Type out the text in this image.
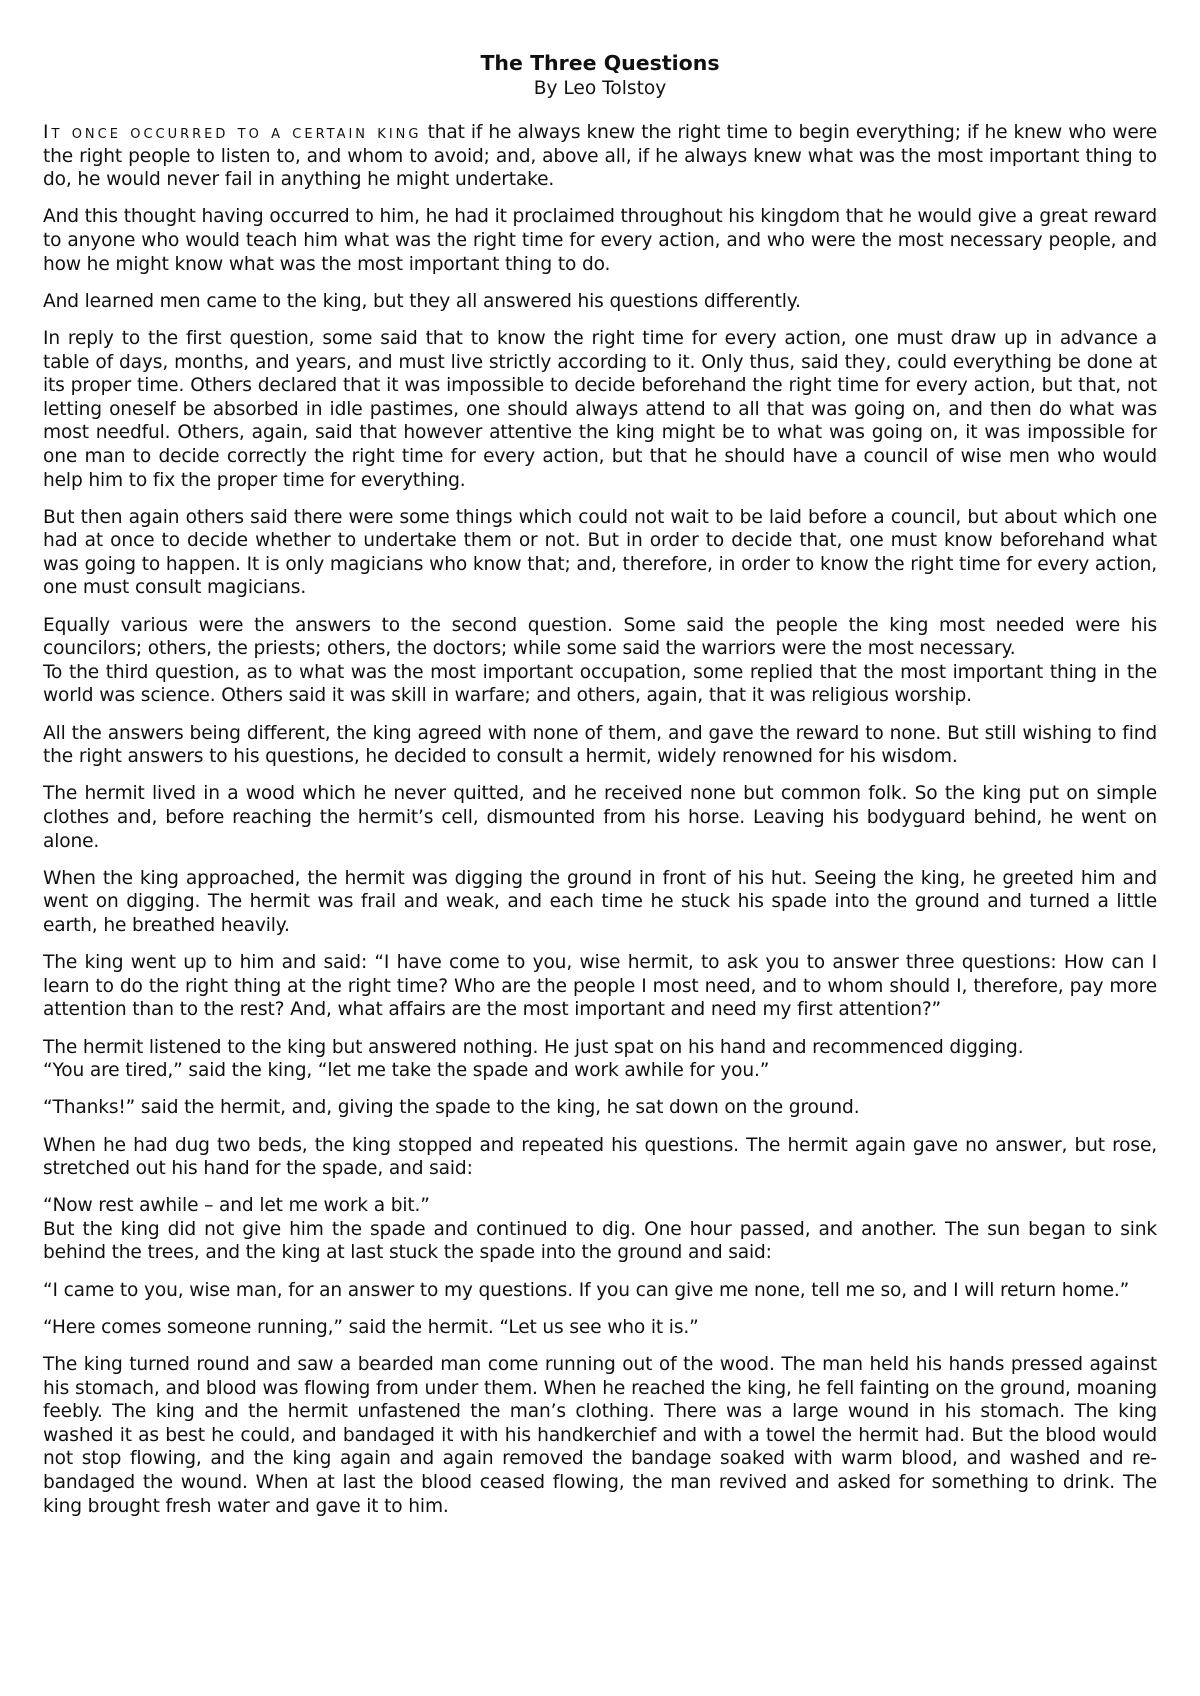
The Three Questions

By Leo Tolstoy

It once occurred to a certain king that if he always knew the right time to begin everything; if he knew who were the right people to listen to, and whom to avoid; and, above all, if he always knew what was the most important thing to do, he would never fail in anything he might undertake.

And this thought having occurred to him, he had it proclaimed throughout his kingdom that he would give a great reward to anyone who would teach him what was the right time for every action, and who were the most necessary people, and how he might know what was the most important thing to do.

And learned men came to the king, but they all answered his questions differently.

In reply to the first question, some said that to know the right time for every action, one must draw up in advance a table of days, months, and years, and must live strictly according to it. Only thus, said they, could everything be done at its proper time. Others declared that it was impossible to decide beforehand the right time for every action, but that, not letting oneself be absorbed in idle pastimes, one should always attend to all that was going on, and then do what was most needful. Others, again, said that however attentive the king might be to what was going on, it was impossible for one man to decide correctly the right time for every action, but that he should have a council of wise men who would help him to fix the proper time for everything.

But then again others said there were some things which could not wait to be laid before a council, but about which one had at once to decide whether to undertake them or not. But in order to decide that, one must know beforehand what was going to happen. It is only magicians who know that; and, therefore, in order to know the right time for every action, one must consult magicians.

Equally various were the answers to the second question. Some said the people the king most needed were his councilors; others, the priests; others, the doctors; while some said the warriors were the most necessary.

To the third question, as to what was the most important occupation, some replied that the most important thing in the world was science. Others said it was skill in warfare; and others, again, that it was religious worship.

All the answers being different, the king agreed with none of them, and gave the reward to none. But still wishing to find the right answers to his questions, he decided to consult a hermit, widely renowned for his wisdom.

The hermit lived in a wood which he never quitted, and he received none but common folk. So the king put on simple clothes and, before reaching the hermit’s cell, dismounted from his horse. Leaving his bodyguard behind, he went on alone.

When the king approached, the hermit was digging the ground in front of his hut. Seeing the king, he greeted him and went on digging. The hermit was frail and weak, and each time he stuck his spade into the ground and turned a little earth, he breathed heavily.

The king went up to him and said: “I have come to you, wise hermit, to ask you to answer three questions: How can I learn to do the right thing at the right time? Who are the people I most need, and to whom should I, therefore, pay more attention than to the rest? And, what affairs are the most important and need my first attention?”

The hermit listened to the king but answered nothing. He just spat on his hand and recommenced digging.

“You are tired,” said the king, “let me take the spade and work awhile for you.”

“Thanks!” said the hermit, and, giving the spade to the king, he sat down on the ground.

When he had dug two beds, the king stopped and repeated his questions. The hermit again gave no answer, but rose, stretched out his hand for the spade, and said:

“Now rest awhile – and let me work a bit.”

But the king did not give him the spade and continued to dig. One hour passed, and another. The sun began to sink behind the trees, and the king at last stuck the spade into the ground and said:

“I came to you, wise man, for an answer to my questions. If you can give me none, tell me so, and I will return home.”

“Here comes someone running,” said the hermit. “Let us see who it is.”

The king turned round and saw a bearded man come running out of the wood. The man held his hands pressed against his stomach, and blood was flowing from under them. When he reached the king, he fell fainting on the ground, moaning feebly. The king and the hermit unfastened the man’s clothing. There was a large wound in his stomach. The king washed it as best he could, and bandaged it with his handkerchief and with a towel the hermit had. But the blood would not stop flowing, and the king again and again removed the bandage soaked with warm blood, and washed and re-bandaged the wound. When at last the blood ceased flowing, the man revived and asked for something to drink. The king brought fresh water and gave it to him.
